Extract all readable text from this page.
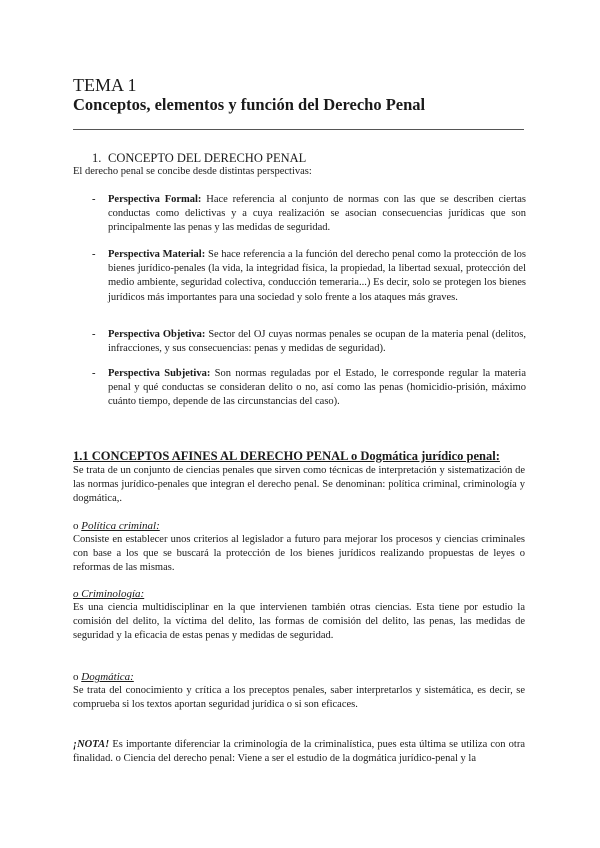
TEMA 1
Conceptos, elementos y función del Derecho Penal
1. CONCEPTO DEL DERECHO PENAL
El derecho penal se concibe desde distintas perspectivas:
- Perspectiva Formal: Hace referencia al conjunto de normas con las que se describen ciertas conductas como delictivas y a cuya realización se asocian consecuencias jurídicas que son principalmente las penas y las medidas de seguridad.
- Perspectiva Material: Se hace referencia a la función del derecho penal como la protección de los bienes jurídico-penales (la vida, la integridad física, la propiedad, la libertad sexual, protección del medio ambiente, seguridad colectiva, conducción temeraria...) Es decir, solo se protegen los bienes jurídicos más importantes para una sociedad y solo frente a los ataques más graves.
- Perspectiva Objetiva: Sector del OJ cuyas normas penales se ocupan de la materia penal (delitos, infracciones, y sus consecuencias: penas y medidas de seguridad).
- Perspectiva Subjetiva: Son normas reguladas por el Estado, le corresponde regular la materia penal y qué conductas se consideran delito o no, así como las penas (homicidio-prisión, máximo cuánto tiempo, depende de las circunstancias del caso).
1.1 CONCEPTOS AFINES AL DERECHO PENAL o Dogmática jurídico penal:
Se trata de un conjunto de ciencias penales que sirven como técnicas de interpretación y sistematización de las normas jurídico-penales que integran el derecho penal. Se denominan: política criminal, criminología y dogmática,.
o Política criminal:
Consiste en establecer unos criterios al legislador a futuro para mejorar los procesos y ciencias criminales con base a los que se buscará la protección de los bienes jurídicos realizando propuestas de leyes o reformas de las mismas.
o Criminología:
Es una ciencia multidisciplinar en la que intervienen también otras ciencias. Esta tiene por estudio la comisión del delito, la víctima del delito, las formas de comisión del delito, las penas, las medidas de seguridad y la eficacia de estas penas y medidas de seguridad.
o Dogmática:
Se trata del conocimiento y crítica a los preceptos penales, saber interpretarlos y sistemática, es decir, se comprueba si los textos aportan seguridad jurídica o si son eficaces.
¡NOTA! Es importante diferenciar la criminología de la criminalística, pues esta última se utiliza con otra finalidad. o Ciencia del derecho penal: Viene a ser el estudio de la dogmática jurídico-penal y la
